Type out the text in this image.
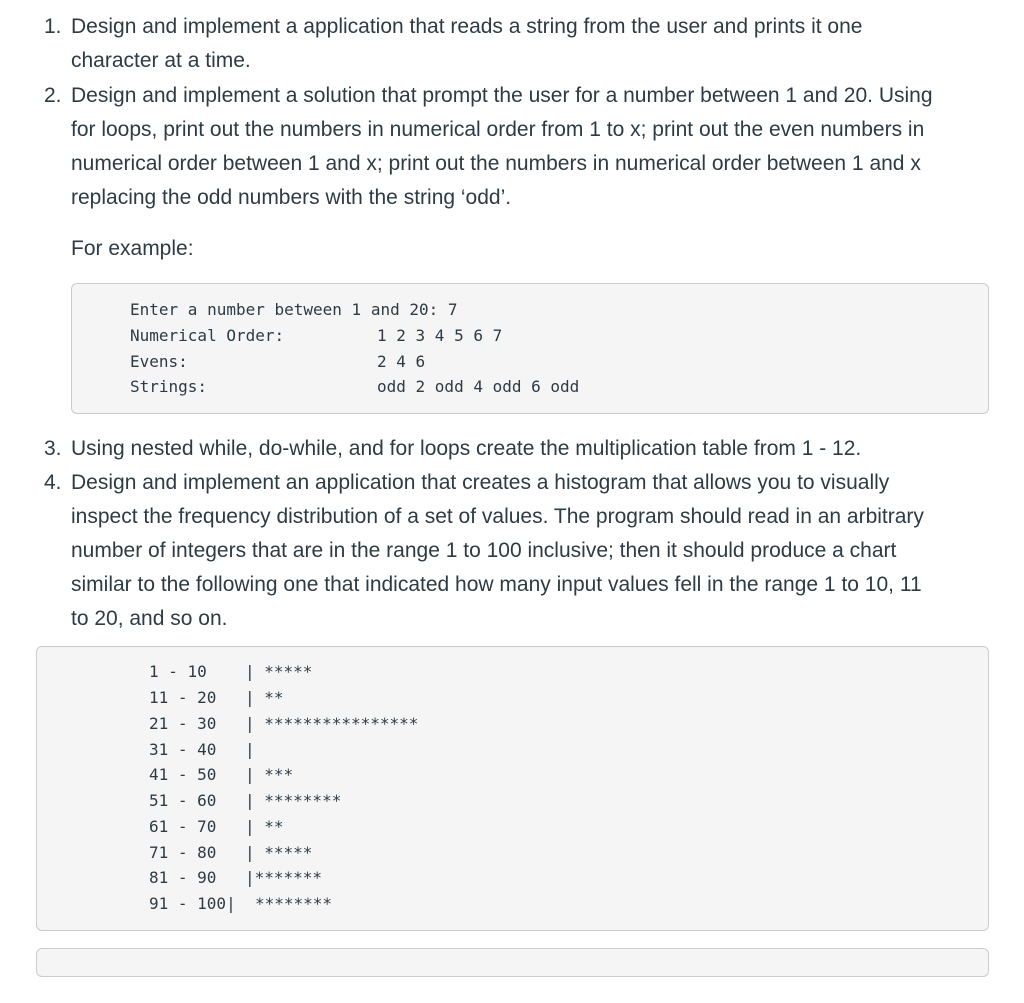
1. Design and implement a application that reads a string from the user and prints it one
character at a time.
2. Design and implement a solution that prompt the user for a number between 1 and 20. Using
for loops, print out the numbers in numerical order from 1 to x; print out the even numbers in
numerical order between 1 and x; print out the numbers in numerical order between 1 and x
replacing the odd numbers with the string ‘odd’.
For example:
Enter a number between 1 and 20: 7

Numerical Order:	1 2 3 4 5 6 7

Evens:	2 4 6

Strings:	odd 2 odd 4 odd 6 odd

3. Using nested while, do-while, and for loops create the multiplication table from 1 - 12.
4. Design and implement an application that creates a histogram that allows you to visually
inspect the frequency distribution of a set of values. The program should read in an arbitrary
number of integers that are in the range 1 to 100 inclusive; then it should produce a chart
similar to the following one that indicated how many input values fell in the range 1 to 10, 11
to 20, and so on.
1 - 10 | *****

11 - 20 | **

21 - 30 | ****************

31 - 40 |

41 - 50 | ***

51 - 60 | ********

61 - 70 | **

71 - 80 | *****

81 - 90 |*******

91 - 100| ********
